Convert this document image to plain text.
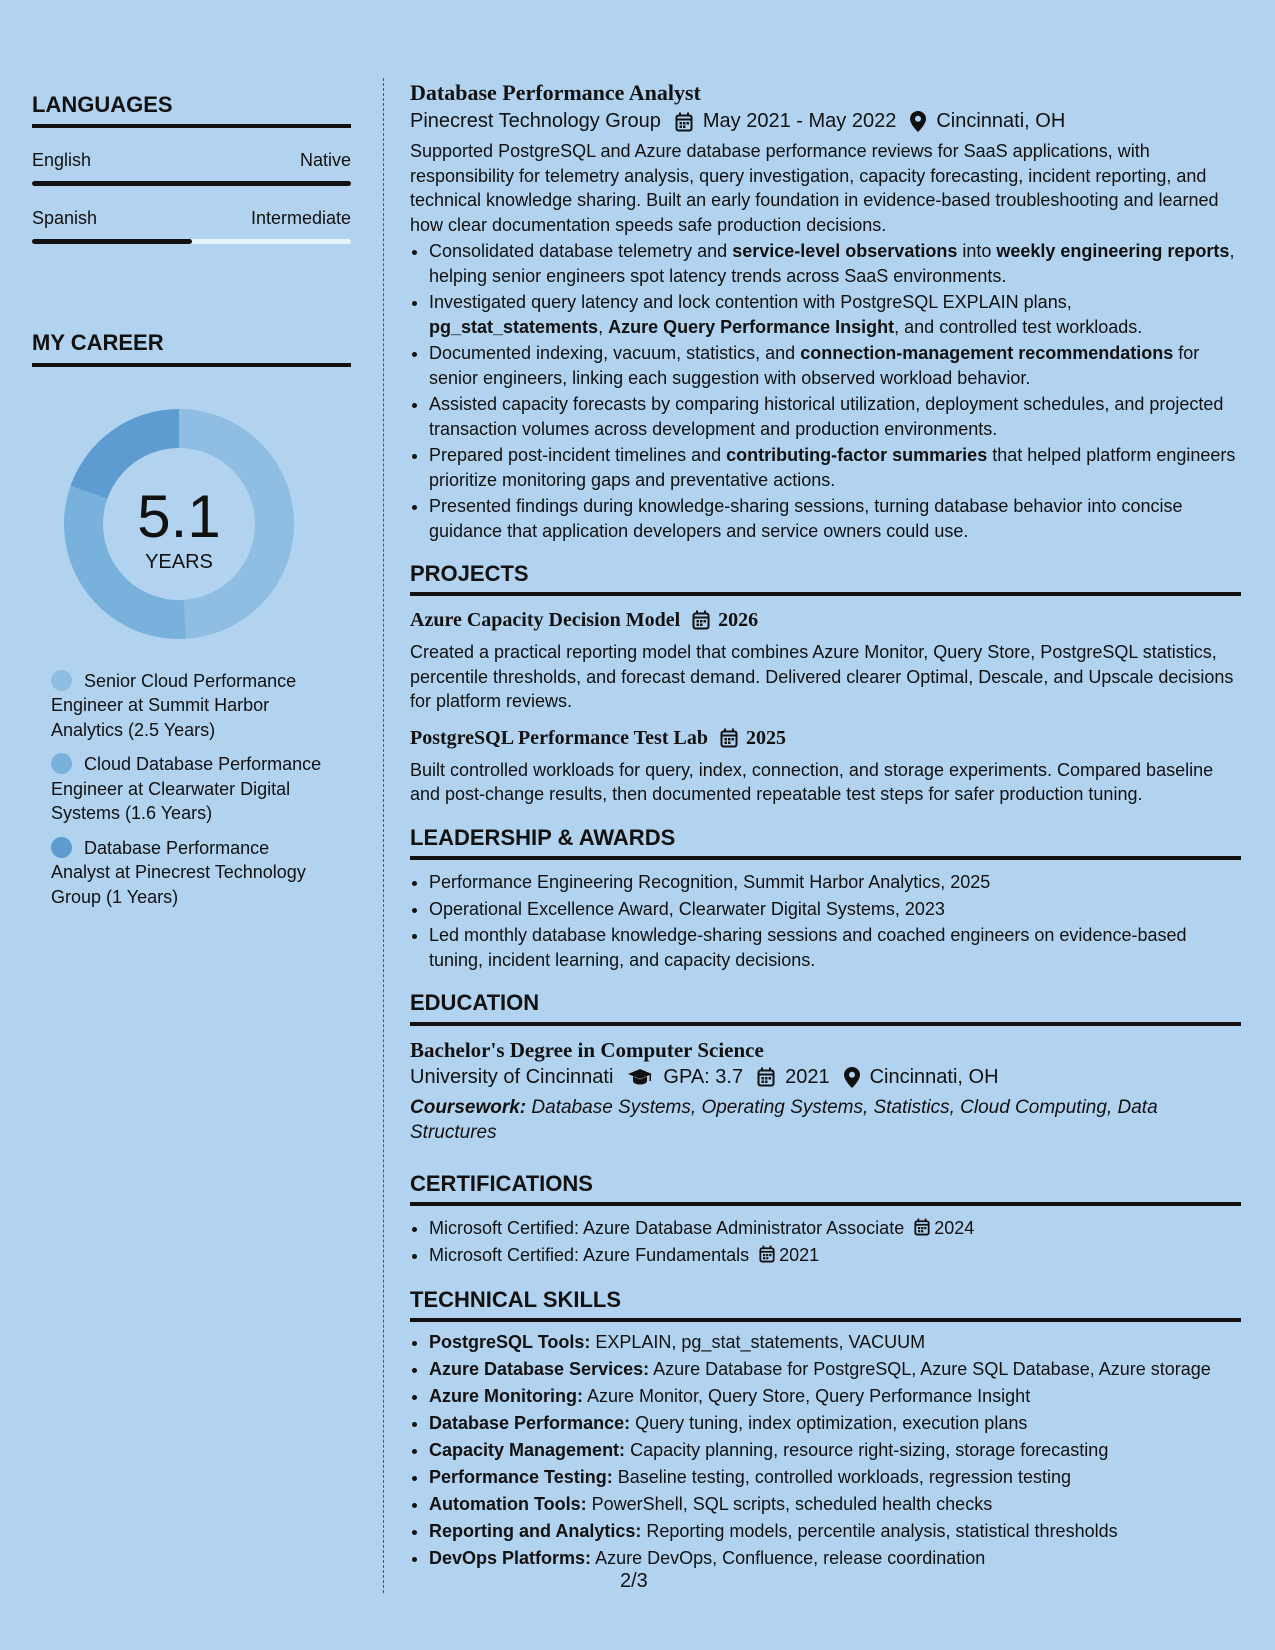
LANGUAGES
English	Native
Spanish	Intermediate
MY CAREER
5.1
YEARS
Senior Cloud Performance Engineer at Summit Harbor Analytics (2.5 Years)
Cloud Database Performance Engineer at Clearwater Digital Systems (1.6 Years)
Database Performance Analyst at Pinecrest Technology Group (1 Years)
Database Performance Analyst
Pinecrest Technology Group May 2021 - May 2022 Cincinnati, OH

Supported PostgreSQL and Azure database performance reviews for SaaS applications, with responsibility for telemetry analysis, query investigation, capacity forecasting, incident reporting, and technical knowledge sharing. Built an early foundation in evidence-based troubleshooting and learned how clear documentation speeds safe production decisions.

• Consolidated database telemetry and service-level observations into weekly engineering reports, helping senior engineers spot latency trends across SaaS environments.
• Investigated query latency and lock contention with PostgreSQL EXPLAIN plans, pg_stat_statements, Azure Query Performance Insight, and controlled test workloads.
• Documented indexing, vacuum, statistics, and connection-management recommendations for senior engineers, linking each suggestion with observed workload behavior.
• Assisted capacity forecasts by comparing historical utilization, deployment schedules, and projected transaction volumes across development and production environments.
• Prepared post-incident timelines and contributing-factor summaries that helped platform engineers prioritize monitoring gaps and preventative actions.
• Presented findings during knowledge-sharing sessions, turning database behavior into concise guidance that application developers and service owners could use.
PROJECTS
Azure Capacity Decision Model 2026

Created a practical reporting model that combines Azure Monitor, Query Store, PostgreSQL statistics, percentile thresholds, and forecast demand. Delivered clearer Optimal, Descale, and Upscale decisions for platform reviews.

PostgreSQL Performance Test Lab 2025

Built controlled workloads for query, index, connection, and storage experiments. Compared baseline and post-change results, then documented repeatable test steps for safer production tuning.

LEADERSHIP & AWARDS
• Performance Engineering Recognition, Summit Harbor Analytics, 2025
• Operational Excellence Award, Clearwater Digital Systems, 2023
• Led monthly database knowledge-sharing sessions and coached engineers on evidence-based tuning, incident learning, and capacity decisions.
EDUCATION
Bachelor's Degree in Computer Science
University of Cincinnati	GPA: 3.7 2021 Cincinnati, OH
Coursework: Database Systems, Operating Systems, Statistics, Cloud Computing, Data Structures
CERTIFICATIONS
• Microsoft Certified: Azure Database Administrator Associate 2024
• Microsoft Certified: Azure Fundamentals 2021
TECHNICAL SKILLS
• PostgreSQL Tools: EXPLAIN, pg_stat_statements, VACUUM
• Azure Database Services: Azure Database for PostgreSQL, Azure SQL Database, Azure storage
• Azure Monitoring: Azure Monitor, Query Store, Query Performance Insight
• Database Performance: Query tuning, index optimization, execution plans
• Capacity Management: Capacity planning, resource right-sizing, storage forecasting
• Performance Testing: Baseline testing, controlled workloads, regression testing
• Automation Tools: PowerShell, SQL scripts, scheduled health checks
• Reporting and Analytics: Reporting models, percentile analysis, statistical thresholds
• DevOps Platforms: Azure DevOps, Confluence, release coordination
2/3
